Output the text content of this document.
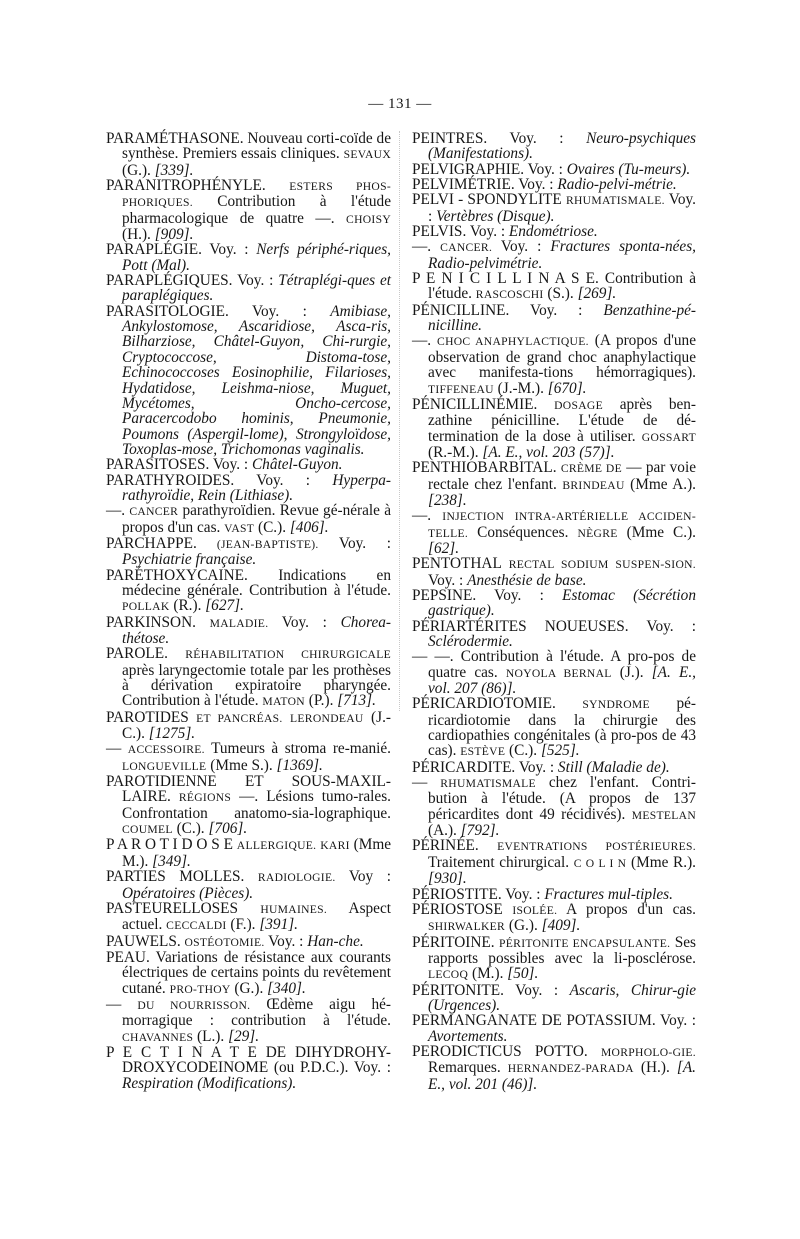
— 131 —

PARAMÉTHASONE. Nouveau corti-coïde de synthèse. Premiers essais cliniques. SEVAUX (G.). [339].

PARANITROPHÉNYLE. ESTERS PHOS-PHORIQUES. Contribution à l'étude pharmacologique de quatre —. CHOISY (H.). [909].

PARAPLÉGIE. Voy. : Nerfs périphé-riques, Pott (Mal).

PARAPLÉGIQUES. Voy. : Tétraplégi-ques et paraplégiques.

PARASITOLOGIE. Voy. : Amibiase, Ankylostomose, Ascaridiose, Asca-ris, Bilharziose, Châtel-Guyon, Chi-rurgie, Cryptococcose, Distoma-tose, Echinococcoses Eosinophilie, Filarioses, Hydatidose, Leishma-niose, Muguet, Mycétomes, Oncho-cercose, Paracercodobo hominis, Pneumonie, Poumons (Aspergil-lome), Strongyloïdose, Toxoplas-mose, Trichomonas vaginalis.

PARASITOSES. Voy. : Châtel-Guyon.

PARATHYROIDES. Voy. : Hyperpa-rathyroïdie, Rein (Lithiase).

—. CANCER parathyroïdien. Revue gé-nérale à propos d'un cas. VAST (C.). [406].

PARCHAPPE. (JEAN-BAPTISTE). Voy. : Psychiatrie française.

PARÉTHOXYCAINE. Indications en médecine générale. Contribution à l'étude. POLLAK (R.). [627].

PARKINSON. MALADIE. Voy. : Chorea-thétose.

PAROLE. RÉHABILITATION CHIRURGICALE après laryngectomie totale par les prothèses à dérivation expiratoire pharyngée. Contribution à l'étude. MATON (P.). [713].

PAROTIDES ET PANCRÉAS. LERONDEAU (J.-C.). [1275].

— ACCESSOIRE. Tumeurs à stroma re-manié. LONGUEVILLE (Mme S.). [1369].

PAROTIDIENNE ET SOUS-MAXIL-LAIRE. RÉGIONS —. Lésions tumo-rales. Confrontation anatomo-sia-lographique. COUMEL (C.). [706].

P A R O T I D O S E ALLERGIQUE. KARI (Mme M.). [349].

PARTIES MOLLES. RADIOLOGIE. Voy : Opératoires (Pièces).

PASTEURELLOSES HUMAINES. Aspect actuel. CECCALDI (F.). [391].

PAUWELS. OSTÉOTOMIE. Voy. : Han-che.

PEAU. Variations de résistance aux courants électriques de certains points du revêtement cutané. PRO-THOY (G.). [340].

— DU NOURRISSON. Œdème aigu hé-morragique : contribution à l'étude. CHAVANNES (L.). [29].

P E C T I N A T E DE DIHYDROHY-DROXYCODEINOME (ou P.D.C.). Voy. : Respiration (Modifications).

PEINTRES. Voy. : Neuro-psychiques (Manifestations).

PELVIGRAPHIE. Voy. : Ovaires (Tu-meurs).

PELVIMÉTRIE. Voy. : Radio-pelvi-métrie.

PELVI - SPONDYLITE RHUMATISMALE. Voy. : Vertèbres (Disque).

PELVIS. Voy. : Endométriose.

—. CANCER. Voy. : Fractures sponta-nées, Radio-pelvimétrie.

P E N I C I L L I N A S E. Contribution à l'étude. RASCOSCHI (S.). [269].

PÉNICILLINE. Voy. : Benzathine-pé-nicilline.

—. CHOC ANAPHYLACTIQUE. (A propos d'une observation de grand choc anaphylactique avec manifesta-tions hémorragiques). TIFFENEAU (J.-M.). [670].

PÉNICILLINÉMIE. DOSAGE après ben-zathine pénicilline. L'étude de dé-termination de la dose à utiliser. GOSSART (R.-M.). [A. E., vol. 203 (57)].

PENTHIOBARBITAL. CRÈME DE — par voie rectale chez l'enfant. BRINDEAU (Mme A.). [238].

—. INJECTION INTRA-ARTÉRIELLE ACCIDEN-TELLE. Conséquences. NÈGRE (Mme C.). [62].

PENTOTHAL RECTAL SODIUM SUSPEN-SION. Voy. : Anesthésie de base.

PEPSINE. Voy. : Estomac (Sécrétion gastrique).

PÉRIARTÉRITES NOUEUSES. Voy. : Sclérodermie.

— —. Contribution à l'étude. A pro-pos de quatre cas. NOYOLA BERNAL (J.). [A. E., vol. 207 (86)].

PÉRICARDIOTOMIE. SYNDROME pé-ricardiotomie dans la chirurgie des cardiopathies congénitales (à pro-pos de 43 cas). ESTÈVE (C.). [525].

PÉRICARDITE. Voy. : Still (Maladie de).

— RHUMATISMALE chez l'enfant. Contri-bution à l'étude. (A propos de 137 péricardites dont 49 récidivés). MESTELAN (A.). [792].

PÉRINÉE. EVENTRATIONS POSTÉRIEURES. Traitement chirurgical. C O L I N (Mme R.). [930].

PÉRIOSTITE. Voy. : Fractures mul-tiples.

PÉRIOSTOSE ISOLÉE. A propos d'un cas. SHIRWALKER (G.). [409].

PÉRITOINE. PÉRITONITE ENCAPSULANTE. Ses rapports possibles avec la li-posclérose. LECOQ (M.). [50].

PÉRITONITE. Voy. : Ascaris, Chirur-gie (Urgences).

PERMANGANATE DE POTASSIUM. Voy. : Avortements.

PERODICTICUS POTTO. MORPHOLO-GIE. Remarques. HERNANDEZ-PARADA (H.). [A. E., vol. 201 (46)].
